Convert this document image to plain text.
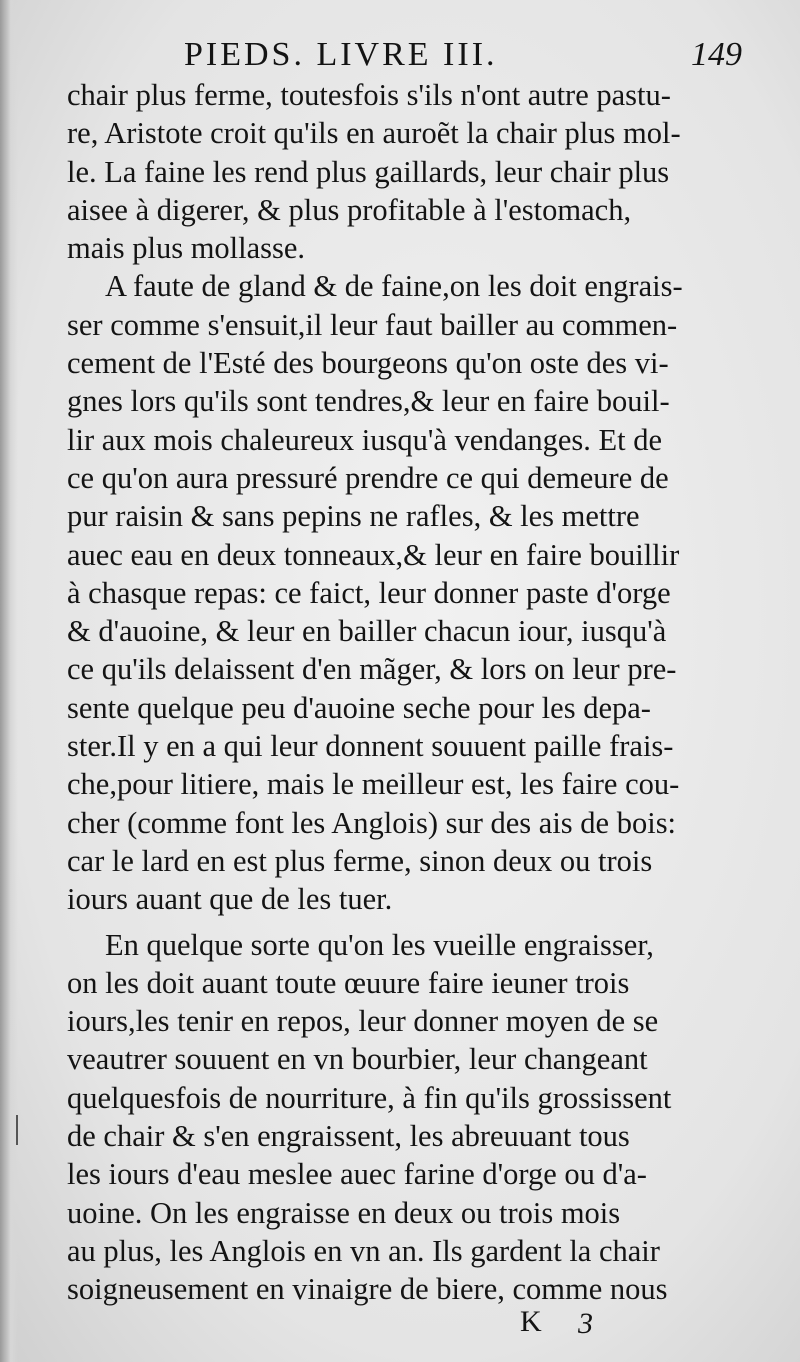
PIEDS. LIVRE III.	149
chair plus ferme, toutesfois s'ils n'ont autre pastu-
re, Aristote croit qu'ils en auroẽt la chair plus mol-
le. La faine les rend plus gaillards, leur chair plus
aisee à digerer, & plus profitable à l'estomach,
mais plus mollasse.
A faute de gland & de faine,on les doit engrais-
ser comme s'ensuit,il leur faut bailler au commen-
cement de l'Esté des bourgeons qu'on oste des vi-
gnes lors qu'ils sont tendres,& leur en faire bouil-
lir aux mois chaleureux iusqu'à vendanges. Et de
ce qu'on aura pressuré prendre ce qui demeure de
pur raisin & sans pepins ne rafles, & les mettre
auec eau en deux tonneaux,& leur en faire bouillir
à chasque repas: ce faict, leur donner paste d'orge
& d'auoine, & leur en bailler chacun iour, iusqu'à
ce qu'ils delaissent d'en mãger, & lors on leur pre-
sente quelque peu d'auoine seche pour les depa-
ster.Il y en a qui leur donnent souuent paille frais-
che,pour litiere, mais le meilleur est, les faire cou-
cher (comme font les Anglois) sur des ais de bois:
car le lard en est plus ferme, sinon deux ou trois
iours auant que de les tuer.
En quelque sorte qu'on les vueille engraisser,
on les doit auant toute œuure faire ieuner trois
iours,les tenir en repos, leur donner moyen de se
veautrer souuent en vn bourbier, leur changeant
quelquesfois de nourriture, à fin qu'ils grossissent
de chair & s'en engraissent, les abreuuant tous
les iours d'eau meslee auec farine d'orge ou d'a-
uoine. On les engraisse en deux ou trois mois
au plus, les Anglois en vn an. Ils gardent la chair
soigneusement en vinaigre de biere, comme nous
K 3
